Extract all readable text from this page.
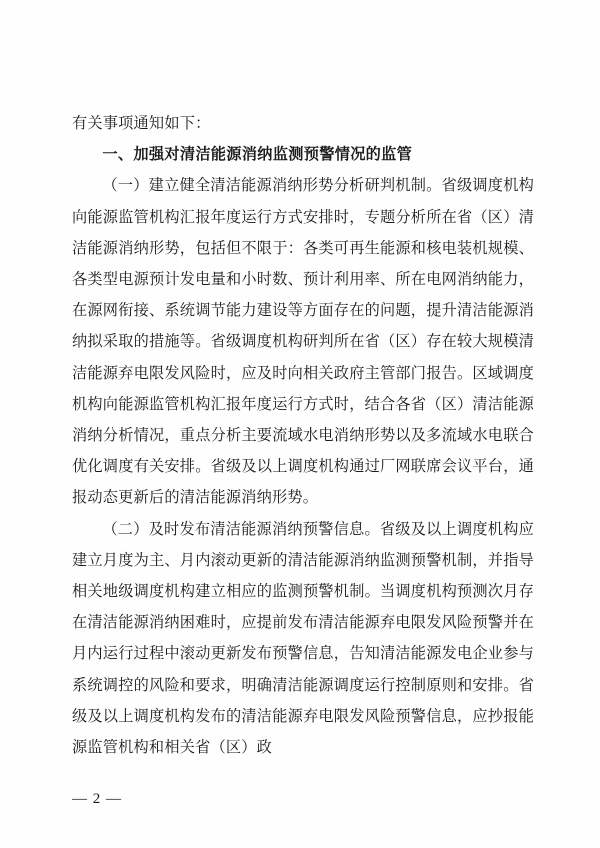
有关事项通知如下：

一、加强对清洁能源消纳监测预警情况的监管

（一）建立健全清洁能源消纳形势分析研判机制。省级调度机构向能源监管机构汇报年度运行方式安排时，专题分析所在省（区）清洁能源消纳形势，包括但不限于：各类可再生能源和核电装机规模、各类型电源预计发电量和小时数、预计利用率、所在电网消纳能力，在源网衔接、系统调节能力建设等方面存在的问题，提升清洁能源消纳拟采取的措施等。省级调度机构研判所在省（区）存在较大规模清洁能源弃电限发风险时，应及时向相关政府主管部门报告。区域调度机构向能源监管机构汇报年度运行方式时，结合各省（区）清洁能源消纳分析情况，重点分析主要流域水电消纳形势以及多流域水电联合优化调度有关安排。省级及以上调度机构通过厂网联席会议平台，通报动态更新后的清洁能源消纳形势。

（二）及时发布清洁能源消纳预警信息。省级及以上调度机构应建立月度为主、月内滚动更新的清洁能源消纳监测预警机制，并指导相关地级调度机构建立相应的监测预警机制。当调度机构预测次月存在清洁能源消纳困难时，应提前发布清洁能源弃电限发风险预警并在月内运行过程中滚动更新发布预警信息，告知清洁能源发电企业参与系统调控的风险和要求，明确清洁能源调度运行控制原则和安排。省级及以上调度机构发布的清洁能源弃电限发风险预警信息，应抄报能源监管机构和相关省（区）政

— 2 —
